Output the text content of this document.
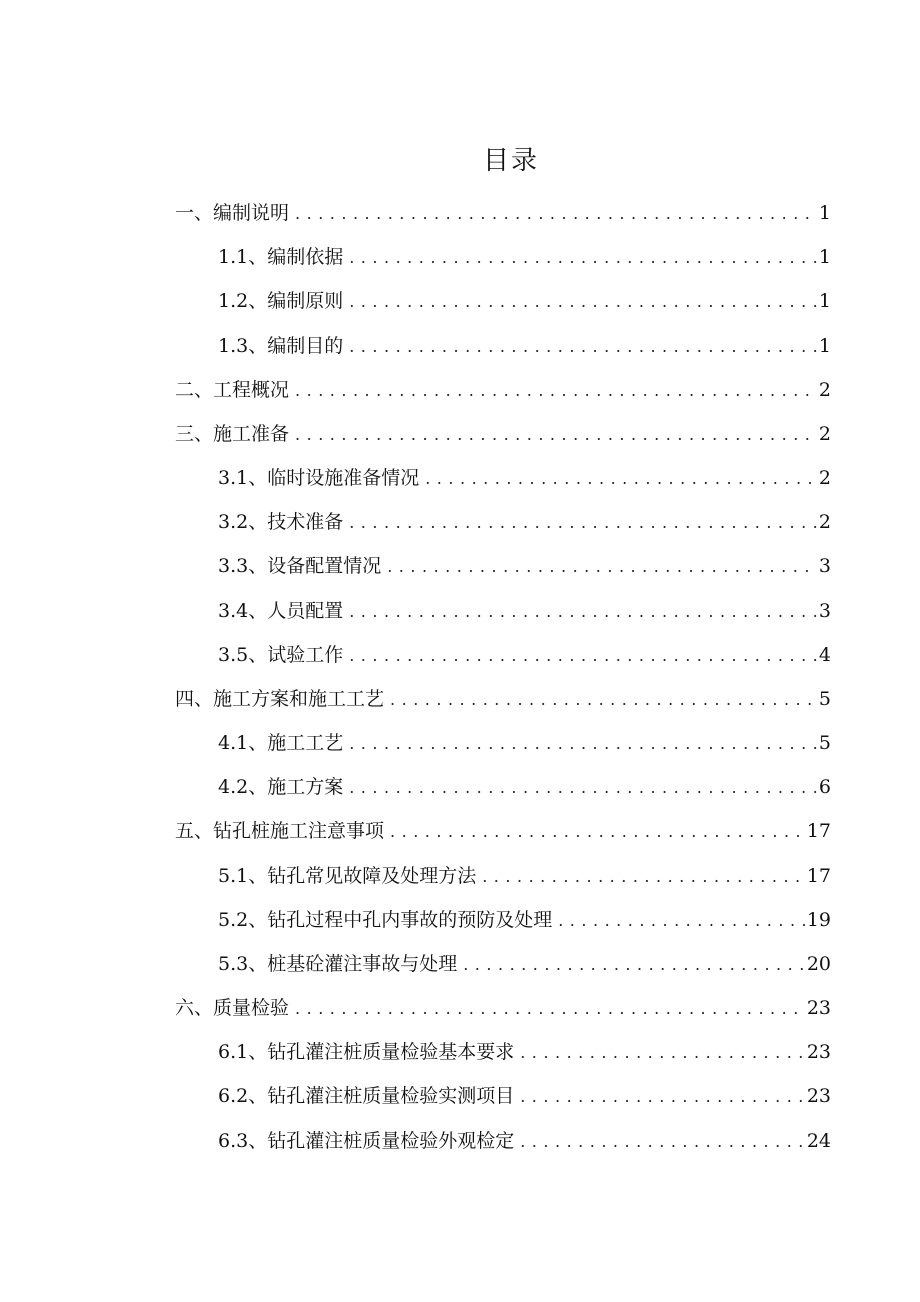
目录
一、编制说明 .....	1
1.1、编制依据 .....	1
1.2、编制原则 .....	1
1.3、编制目的 .....	1
二、工程概况 .....	2
三、施工准备 .....	2
3.1、临时设施准备情况 .....	2
3.2、技术准备 .....	2
3.3、设备配置情况 .....	3
3.4、人员配置 .....	3
3.5、试验工作 .....	4
四、施工方案和施工工艺 .....	5
4.1、施工工艺 .....	5
4.2、施工方案 .....	6
五、钻孔桩施工注意事项 .....	17
5.1、钻孔常见故障及处理方法 .....	17
5.2、钻孔过程中孔内事故的预防及处理 .....	19
5.3、桩基砼灌注事故与处理 .....	20
六、质量检验 .....	23
6.1、钻孔灌注桩质量检验基本要求 .....	23
6.2、钻孔灌注桩质量检验实测项目 .....	23
6.3、钻孔灌注桩质量检验外观检定 .....	24
